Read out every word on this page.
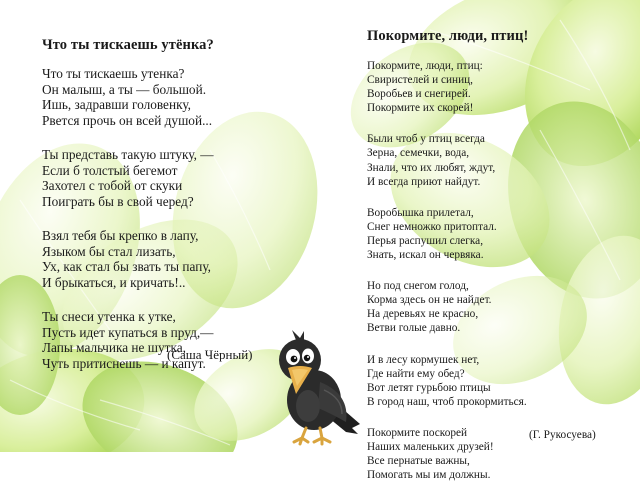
Что ты тискаешь утёнка?
Что ты тискаешь утенка?
Он малыш, а ты — большой.
Ишь, задравши головенку,
Рвется прочь он всей душой...
Ты представь такую штуку, —
Если б толстый бегемот
Захотел с тобой от скуки
Поиграть бы в свой черед?
Взял тебя бы крепко в лапу,
Языком бы стал лизать,
Ух, как стал бы звать ты папу,
И брыкаться, и кричать!..
Ты снеси утенка к утке,
Пусть идет купаться в пруд,—
Лапы мальчика не шутка,
Чуть притиснешь — и капут.
(Саша Чёрный)
Покормите, люди, птиц!
Покормите, люди, птиц:
Свиристелей и синиц,
Воробьев и снегирей.
Покормите их скорей!
Были чтоб у птиц всегда
Зерна, семечки, вода,
Знали, что их любят, ждут,
И всегда приют найдут.
Воробышка прилетал,
Снег немножко притоптал.
Перья распушил слегка,
Знать, искал он червяка.
Но под снегом голод,
Корма здесь он не найдет.
На деревьях не красно,
Ветви голые давно.
И в лесу кормушек нет,
Где найти ему обед?
Вот летят гурьбою птицы
В город наш, чтоб прокормиться.
Покормите поскорей
Наших маленьких друзей!
Все пернатые важны,
Помогать мы им должны.
(Г. Рукосуева)
